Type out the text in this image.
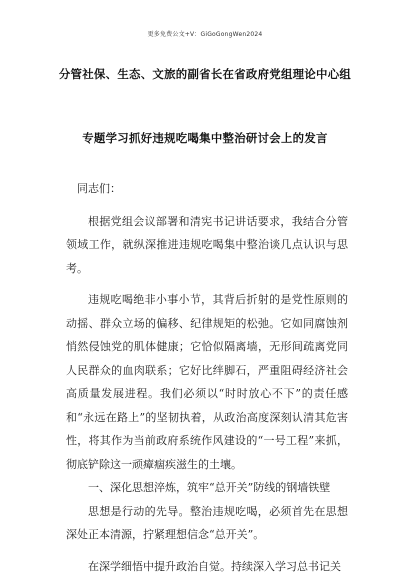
更多免费公文+V：GiGoGongWen2024
分管社保、生态、文旅的副省长在省政府党组理论中心组
专题学习抓好违规吃喝集中整治研讨会上的发言

同志们：

根据党组会议部署和清宪书记讲话要求，我结合分管领域工作，就纵深推进违规吃喝集中整治谈几点认识与思考。

违规吃喝绝非小事小节，其背后折射的是党性原则的动摇、群众立场的偏移、纪律规矩的松弛。它如同腐蚀剂悄然侵蚀党的肌体健康；它恰似隔离墙，无形间疏离党同人民群众的血肉联系；它好比绊脚石，严重阻碍经济社会高质量发展进程。我们必须以“时时放心不下”的责任感和“永远在路上”的坚韧执着，从政治高度深刻认清其危害性，将其作为当前政府系统作风建设的“一号工程”来抓，彻底铲除这一顽瘴痼疾滋生的土壤。

一、深化思想淬炼，筑牢“总开关”防线的钢墙铁壁

思想是行动的先导。整治违规吃喝，必须首先在思想深处正本清源，拧紧理想信念“总开关”。

在深学细悟中提升政治自觉。持续深入学习总书记关
